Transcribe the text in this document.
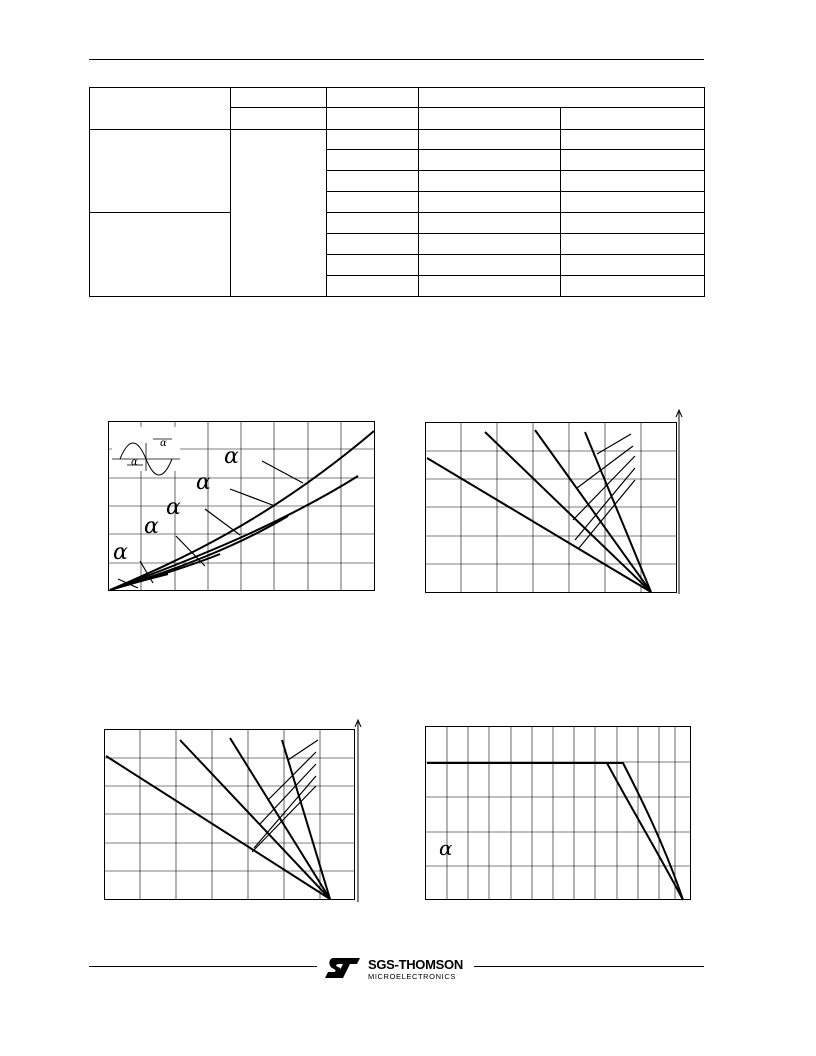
α
α	α
α
α
α
α
α
SGS-THOMSON
MICROELECTRONICS
